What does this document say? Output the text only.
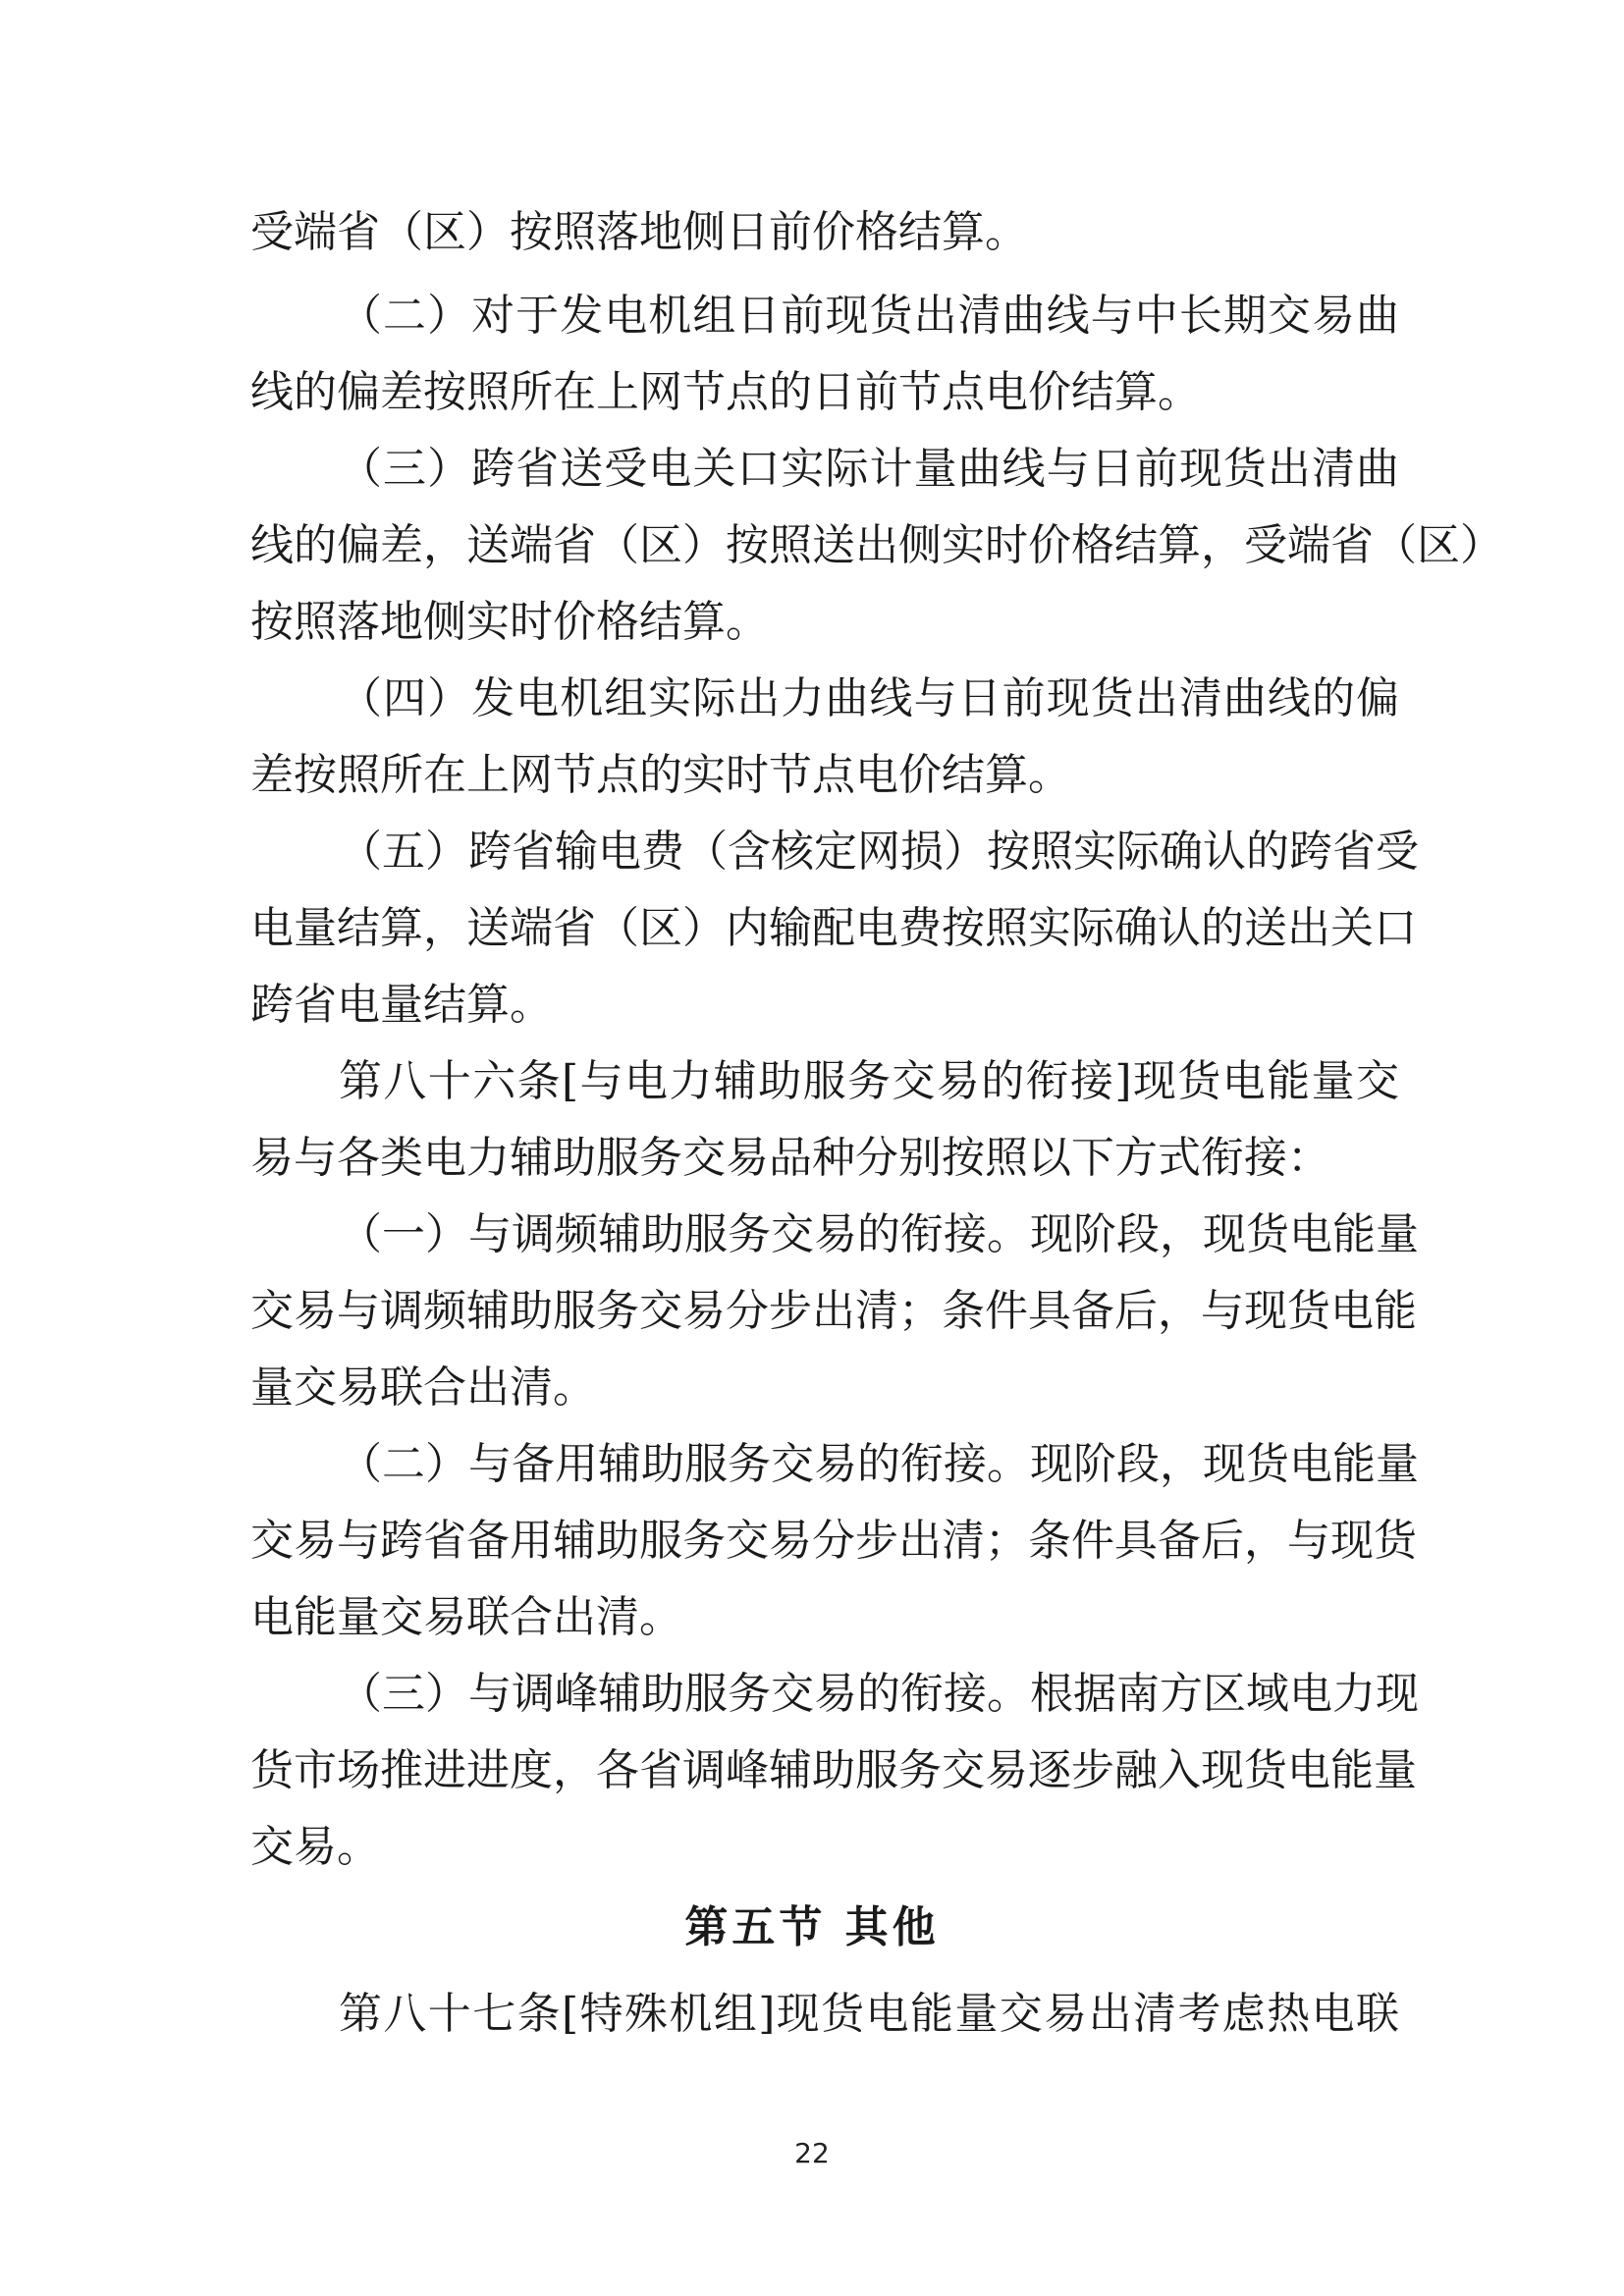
受端省（区）按照落地侧日前价格结算。
（二）对于发电机组日前现货出清曲线与中长期交易曲
线的偏差按照所在上网节点的日前节点电价结算。
（三）跨省送受电关口实际计量曲线与日前现货出清曲
线的偏差，送端省（区）按照送出侧实时价格结算，受端省（区）
按照落地侧实时价格结算。
（四）发电机组实际出力曲线与日前现货出清曲线的偏
差按照所在上网节点的实时节点电价结算。
（五）跨省输电费（含核定网损）按照实际确认的跨省受
电量结算，送端省（区）内输配电费按照实际确认的送出关口
跨省电量结算。
第八十六条[与电力辅助服务交易的衔接]现货电能量交
易与各类电力辅助服务交易品种分别按照以下方式衔接：
（一）与调频辅助服务交易的衔接。现阶段，现货电能量
交易与调频辅助服务交易分步出清；条件具备后，与现货电能
量交易联合出清。
（二）与备用辅助服务交易的衔接。现阶段，现货电能量
交易与跨省备用辅助服务交易分步出清；条件具备后，与现货
电能量交易联合出清。
（三）与调峰辅助服务交易的衔接。根据南方区域电力现
货市场推进进度，各省调峰辅助服务交易逐步融入现货电能量
交易。
第五节 其他
第八十七条[特殊机组]现货电能量交易出清考虑热电联
22
